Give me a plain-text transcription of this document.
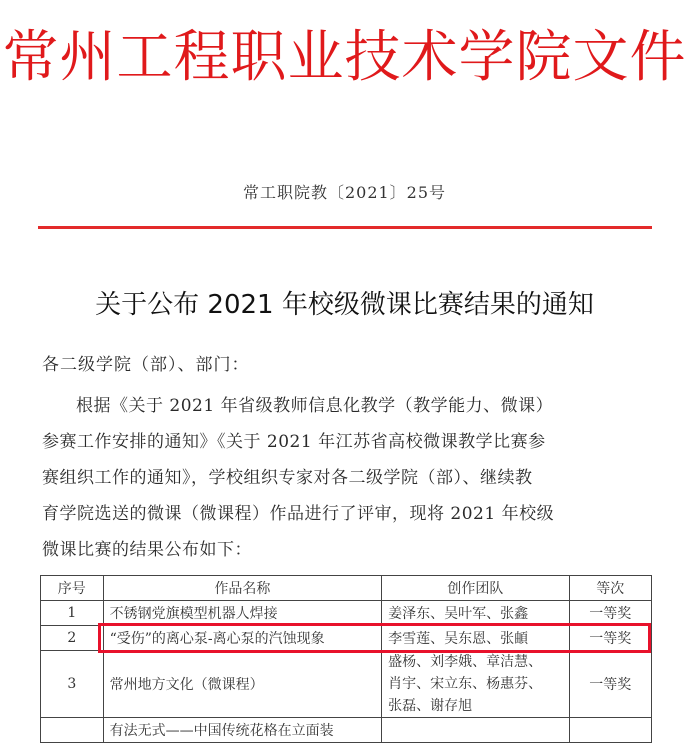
常州工程职业技术学院文件
常工职院教〔2021〕25号
关于公布 2021 年校级微课比赛结果的通知
各二级学院（部）、部门：
根据《关于 2021 年省级教师信息化教学（教学能力、微课）
参赛工作安排的通知》《关于 2021 年江苏省高校微课教学比赛参
赛组织工作的通知》，学校组织专家对各二级学院（部）、继续教
育学院选送的微课（微课程）作品进行了评审，现将 2021 年校级
微课比赛的结果公布如下：
序号	作品名称	创作团队	等次
1	不锈钢党旗模型机器人焊接	姜泽东、吴叶军、张鑫	一等奖
2	“受伤”的离心泵-离心泵的汽蚀现象	李雪莲、吴东恩、张頔	一等奖
3	常州地方文化（微课程）	盛杨、刘李娥、章洁慧、
肖宇、宋立东、杨惠芬、
张磊、谢存旭	一等奖
	有法无式——中国传统花格在立面装		
